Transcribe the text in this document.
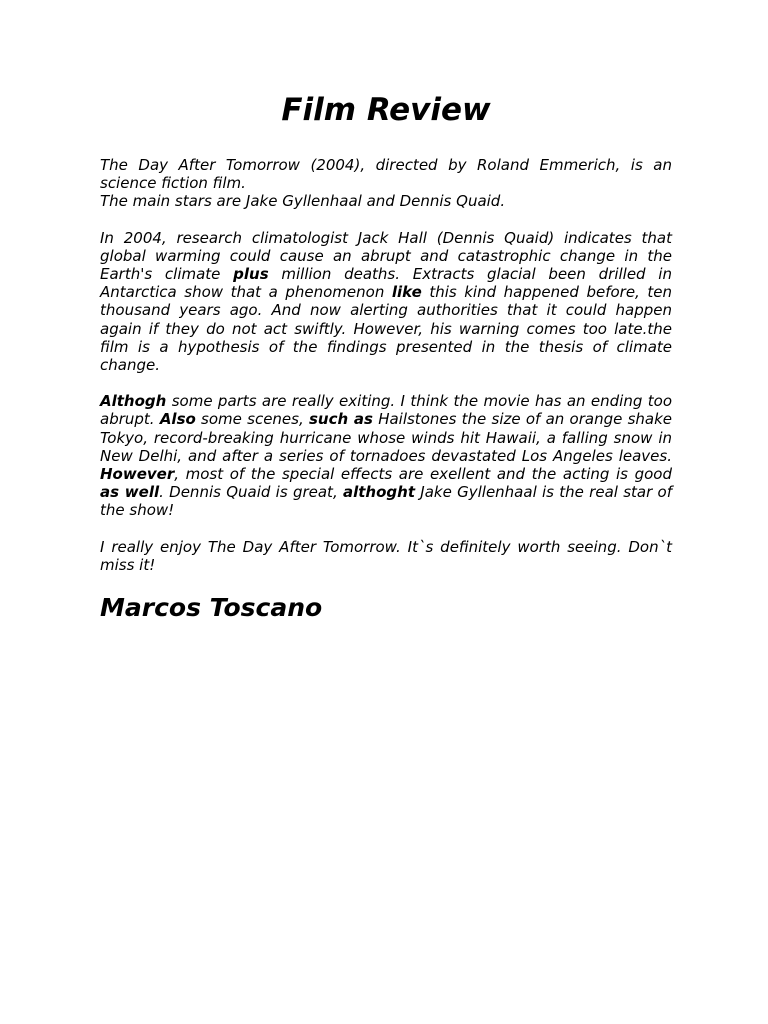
Film Review

The Day After Tomorrow (2004), directed by Roland Emmerich, is an science fiction film.
The main stars are Jake Gyllenhaal and Dennis Quaid.

In 2004, research climatologist Jack Hall (Dennis Quaid) indicates that global warming could cause an abrupt and catastrophic change in the Earth's climate plus million deaths. Extracts glacial been drilled in Antarctica show that a phenomenon like this kind happened before, ten thousand years ago. And now alerting authorities that it could happen again if they do not act swiftly. However, his warning comes too late.the film is a hypothesis of the findings presented in the thesis of climate change.

Althogh some parts are really exiting. I think the movie has an ending too abrupt. Also some scenes, such as Hailstones the size of an orange shake Tokyo, record-breaking hurricane whose winds hit Hawaii, a falling snow in New Delhi, and after a series of tornadoes devastated Los Angeles leaves. However, most of the special effects are exellent and the acting is good as well. Dennis Quaid is great, althoght Jake Gyllenhaal is the real star of the show!

I really enjoy The Day After Tomorrow. It`s definitely worth seeing. Don`t miss it!

Marcos Toscano
